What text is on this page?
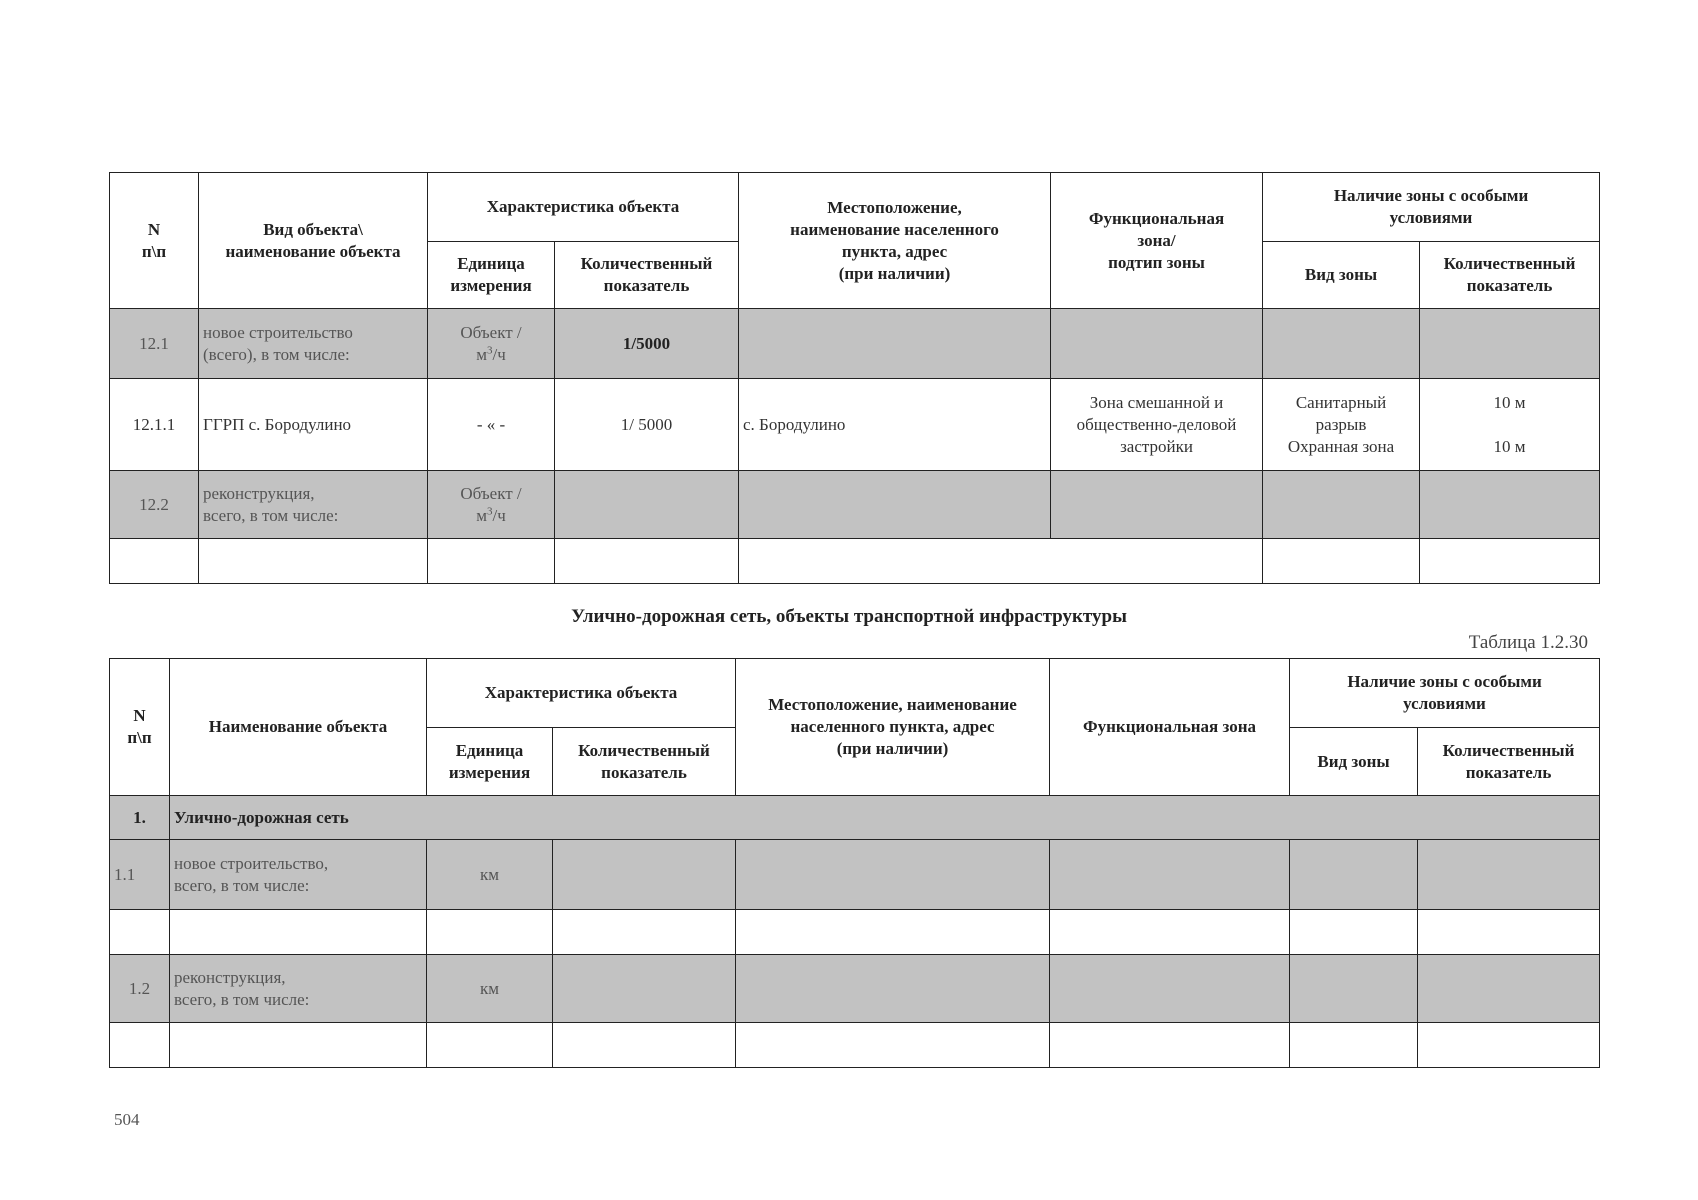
N
п\п	Вид объекта\
наименование объекта	Характеристика объекта		Местоположение,
наименование населенного
пункта, адрес
(при наличии)	Функциональная
зона/
подтип зоны	Наличие зоны с особыми
условиями	
		Единица
измерения	Количественный
показатель			Вид зоны	Количественный
показатель
12.1	новое строительство
(всего), в том числе:	Объект /
$м^3/ч$	1/5000				
12.1.1	ГГРП с. Бородулино	- « -	1/ 5000	с. Бородулино	Зона смешанной и
общественно-деловой
застройки	Санитарный
разрыв
Охранная зона	10 м

10 м
12.2	реконструкция,
всего, в том числе:	Объект /
$м^3/ч$					

Улично-дорожная сеть, объекты транспортной инфраструктуры
Таблица 1.2.30
N
п\п	Наименование объекта	Характеристика объекта		Местоположение, наименование
населенного пункта, адрес
(при наличии)	Функциональная зона	Наличие зоны с особыми
условиями	
		Единица
измерения	Количественный
показатель			Вид зоны	Количественный
показатель
1.	Улично-дорожная сеть						
1.1	новое строительство,
всего, в том числе:	км					

1.2	реконструкция,
всего, в том числе:	км					

504
